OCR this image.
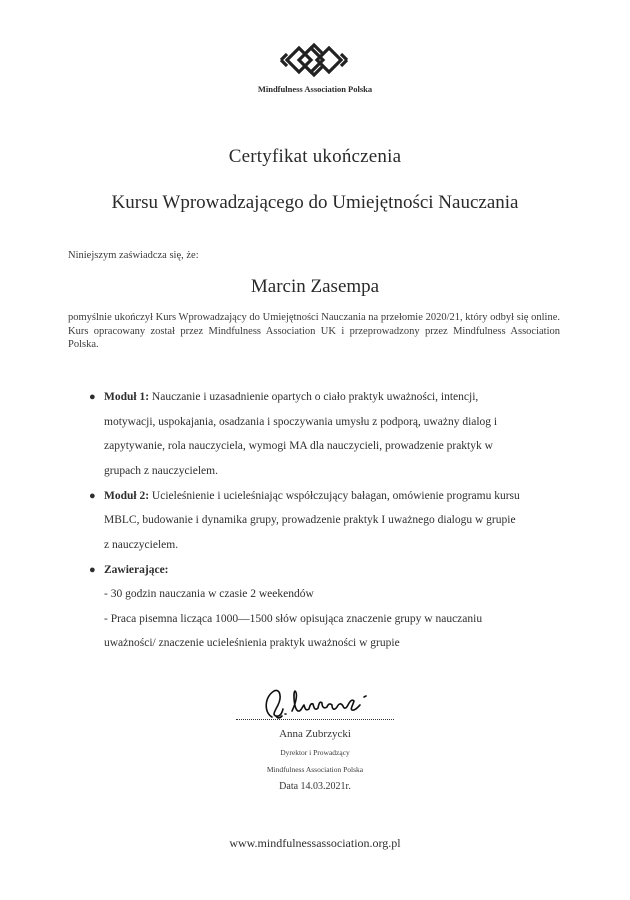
Mindfulness Association Polska
Certyfikat ukończenia
Kursu Wprowadzającego do Umiejętności Nauczania
Niniejszym zaświadcza się, że:
Marcin Zasempa
pomyślnie ukończył Kurs Wprowadzający do Umiejętności Nauczania na przełomie 2020/21, który odbył się online. Kurs opracowany został przez Mindfulness Association UK i przeprowadzony przez Mindfulness Association Polska.
● Moduł 1: Nauczanie i uzasadnienie opartych o ciało praktyk uważności, intencji,
motywacji, uspokajania, osadzania i spoczywania umysłu z podporą, uważny dialog i
zapytywanie, rola nauczyciela, wymogi MA dla nauczycieli, prowadzenie praktyk w
grupach z nauczycielem.
● Moduł 2: Ucieleśnienie i ucieleśniając współczujący bałagan, omówienie programu kursu
MBLC, budowanie i dynamika grupy, prowadzenie praktyk I uważnego dialogu w grupie
z nauczycielem.
● Zawierające:
- 30 godzin nauczania w czasie 2 weekendów
- Praca pisemna licząca 1000—1500 słów opisująca znaczenie grupy w nauczaniu
uważności/ znaczenie ucieleśnienia praktyk uważności w grupie
Anna Zubrzycki
Dyrektor i Prowadzący
Mindfulness Association Polska
Data 14.03.2021r.
www.mindfulnessassociation.org.pl
